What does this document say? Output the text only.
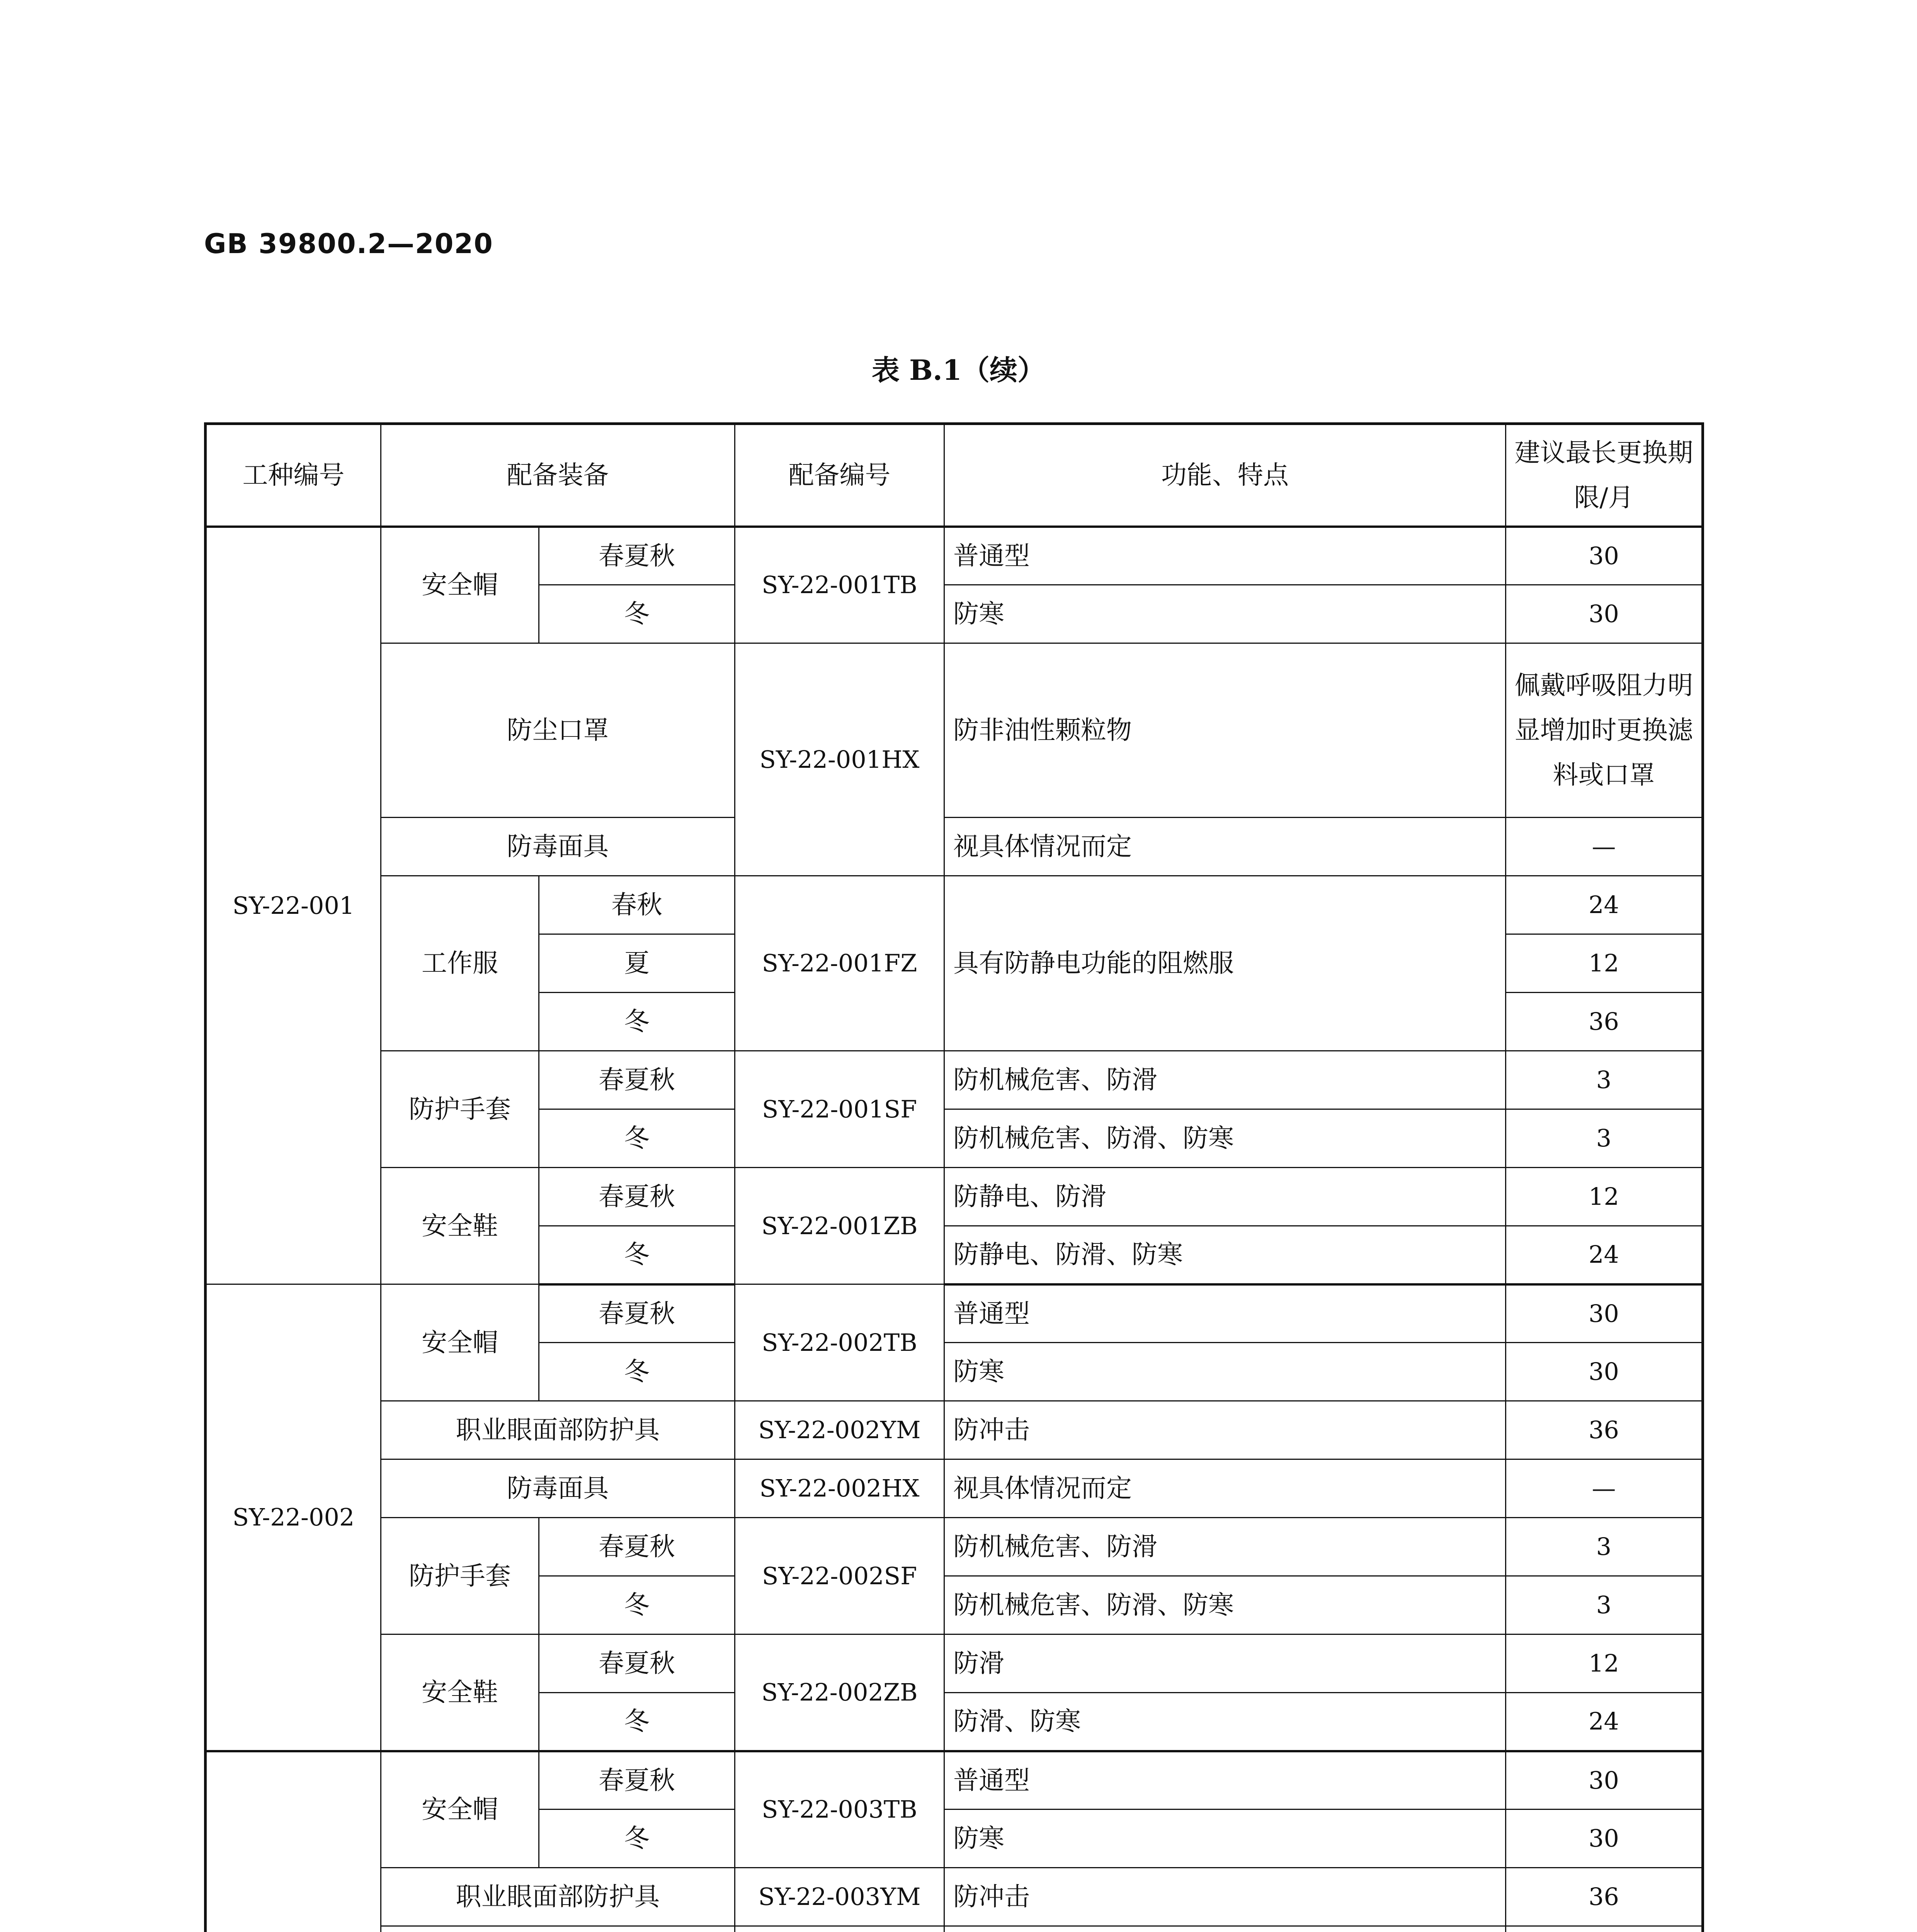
GB 39800.2—2020
表 B.1（续）
工种编号	配备装备		配备编号	功能、特点	建议最长更换期限/月
SY-22-001	安全帽	春夏秋	SY-22-001TB	普通型	30
		冬		防寒	30
	防尘口罩		SY-22-001HX	防非油性颗粒物	佩戴呼吸阻力明显增加时更换滤料或口罩
	防毒面具			视具体情况而定	—
	工作服	春秋	SY-22-001FZ	具有防静电功能的阻燃服	24
		夏			12
		冬			36
	防护手套	春夏秋	SY-22-001SF	防机械危害、防滑	3
		冬		防机械危害、防滑、防寒	3
	安全鞋	春夏秋	SY-22-001ZB	防静电、防滑	12
		冬		防静电、防滑、防寒	24
SY-22-002	安全帽	春夏秋	SY-22-002TB	普通型	30
		冬		防寒	30
	职业眼面部防护具		SY-22-002YM	防冲击	36
	防毒面具		SY-22-002HX	视具体情况而定	—
	防护手套	春夏秋	SY-22-002SF	防机械危害、防滑	3
		冬		防机械危害、防滑、防寒	3
	安全鞋	春夏秋	SY-22-002ZB	防滑	12
		冬		防滑、防寒	24
	安全帽	春夏秋	SY-22-003TB	普通型	30
		冬		防寒	30
	职业眼面部防护具		SY-22-003YM	防冲击	36
